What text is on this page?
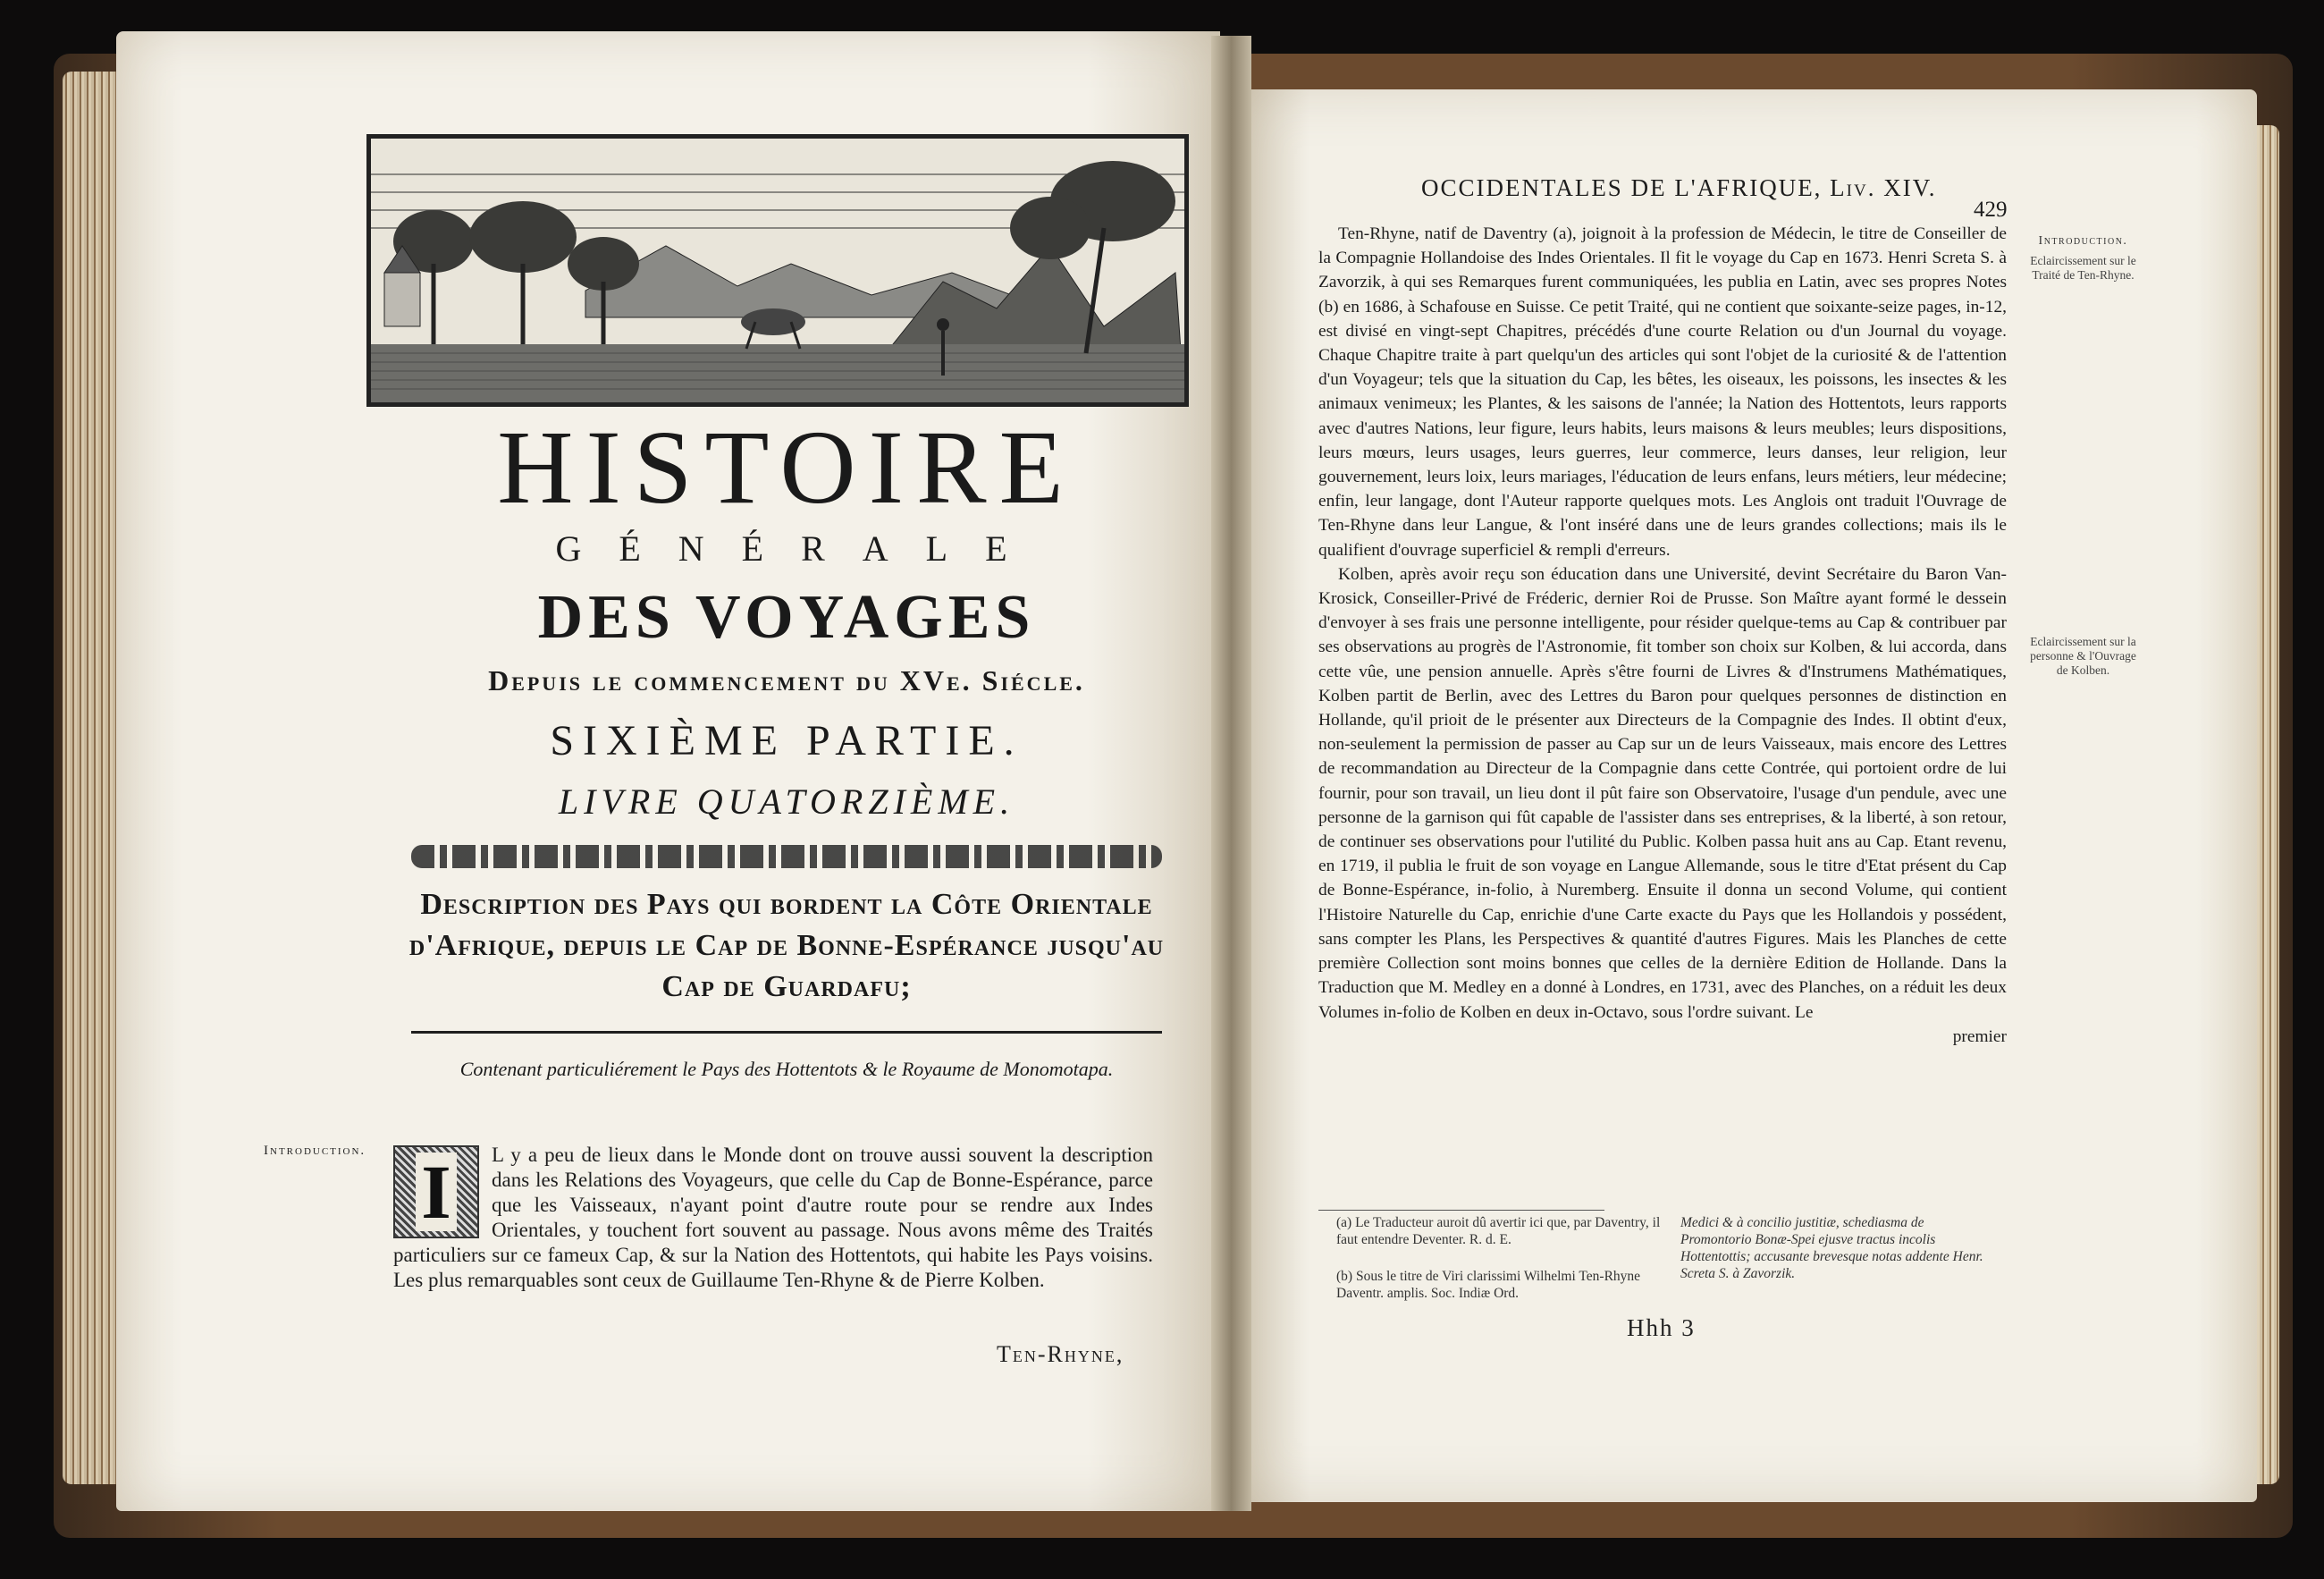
HISTOIRE
GÉNÉRALE
DES VOYAGES
Depuis le commencement du XVe. Siécle.
SIXIÈME PARTIE.
LIVRE QUATORZIÈME.
Description des Pays qui bordent la Côte Orientale d'Afrique, depuis le Cap de Bonne-Espérance jusqu'au Cap de Guardafu;
Contenant particuliérement le Pays des Hottentots & le Royaume de Monomotapa.
Introduction. I L y a peu de lieux dans le Monde dont on trouve aussi souvent la description dans les Relations des Voyageurs, que celle du Cap de Bonne-Espérance, parce que les Vaisseaux, n'ayant point d'autre route pour se rendre aux Indes Orientales, y touchent fort souvent au passage. Nous avons même des Traités particuliers sur ce fameux Cap, & sur la Nation des Hottentots, qui habite les Pays voisins. Les plus remarquables sont ceux de Guillaume Ten-Rhyne & de Pierre Kolben.
Ten-Rhyne,
OCCIDENTALES DE L'AFRIQUE, Liv. XIV.
429

Ten-Rhyne, natif de Daventry (a), joignoit à la profession de Médecin, le titre de Conseiller de la Compagnie Hollandoise des Indes Orientales. Il fit le voyage du Cap en 1673. Henri Screta S. à Zavorzik, à qui ses Remarques furent communiquées, les publia en Latin, avec ses propres Notes (b) en 1686, à Schafouse en Suisse. Ce petit Traité, qui ne contient que soixante-seize pages, in-12, est divisé en vingt-sept Chapitres, précédés d'une courte Relation ou d'un Journal du voyage. Chaque Chapitre traite à part quelqu'un des articles qui sont l'objet de la curiosité & de l'attention d'un Voyageur; tels que la situation du Cap, les bêtes, les oiseaux, les poissons, les insectes & les animaux venimeux; les Plantes, & les saisons de l'année; la Nation des Hottentots, leurs rapports avec d'autres Nations, leur figure, leurs habits, leurs maisons & leurs meubles; leurs dispositions, leurs mœurs, leurs usages, leurs guerres, leur commerce, leurs danses, leur religion, leur gouvernement, leurs loix, leurs mariages, l'éducation de leurs enfans, leurs métiers, leur médecine; enfin, leur langage, dont l'Auteur rapporte quelques mots. Les Anglois ont traduit l'Ouvrage de Ten-Rhyne dans leur Langue, & l'ont inséré dans une de leurs grandes collections; mais ils le qualifient d'ouvrage superficiel & rempli d'erreurs.

Kolben, après avoir reçu son éducation dans une Université, devint Secrétaire du Baron Van-Krosick, Conseiller-Privé de Fréderic, dernier Roi de Prusse. Son Maître ayant formé le dessein d'envoyer à ses frais une personne intelligente, pour résider quelque-tems au Cap & contribuer par ses observations au progrès de l'Astronomie, fit tomber son choix sur Kolben, & lui accorda, dans cette vûe, une pension annuelle. Après s'être fourni de Livres & d'Instrumens Mathématiques, Kolben partit de Berlin, avec des Lettres du Baron pour quelques personnes de distinction en Hollande, qu'il prioit de le présenter aux Directeurs de la Compagnie des Indes. Il obtint d'eux, non-seulement la permission de passer au Cap sur un de leurs Vaisseaux, mais encore des Lettres de recommandation au Directeur de la Compagnie dans cette Contrée, qui portoient ordre de lui fournir, pour son travail, un lieu dont il pût faire son Observatoire, l'usage d'un pendule, avec une personne de la garnison qui fût capable de l'assister dans ses entreprises, & la liberté, à son retour, de continuer ses observations pour l'utilité du Public. Kolben passa huit ans au Cap. Etant revenu, en 1719, il publia le fruit de son voyage en Langue Allemande, sous le titre d'Etat présent du Cap de Bonne-Espérance, in-folio, à Nuremberg. Ensuite il donna un second Volume, qui contient l'Histoire Naturelle du Cap, enrichie d'une Carte exacte du Pays que les Hollandois y possédent, sans compter les Plans, les Perspectives & quantité d'autres Figures. Mais les Planches de cette première Collection sont moins bonnes que celles de la dernière Edition de Hollande. Dans la Traduction que M. Medley en a donné à Londres, en 1731, avec des Planches, on a réduit les deux Volumes in-folio de Kolben en deux in-Octavo, sous l'ordre suivant. Le

premier

Introduction.
Eclaircissement sur le Traité de Ten-Rhyne.
Eclaircissement sur la personne & l'Ouvrage de Kolben.
(a) Le Traducteur auroit dû avertir ici que, par Daventry, il faut entendre Deventer. R. d. E.
(b) Sous le titre de Viri clarissimi Wilhelmi Ten-Rhyne Daventr. amplis. Soc. Indiæ Ord.
Medici & à concilio justitiæ, schediasma de Promontorio Bonæ-Spei ejusve tractus incolis Hottentottis; accusante brevesque notas addente Henr. Screta S. à Zavorzik.
Hhh 3
